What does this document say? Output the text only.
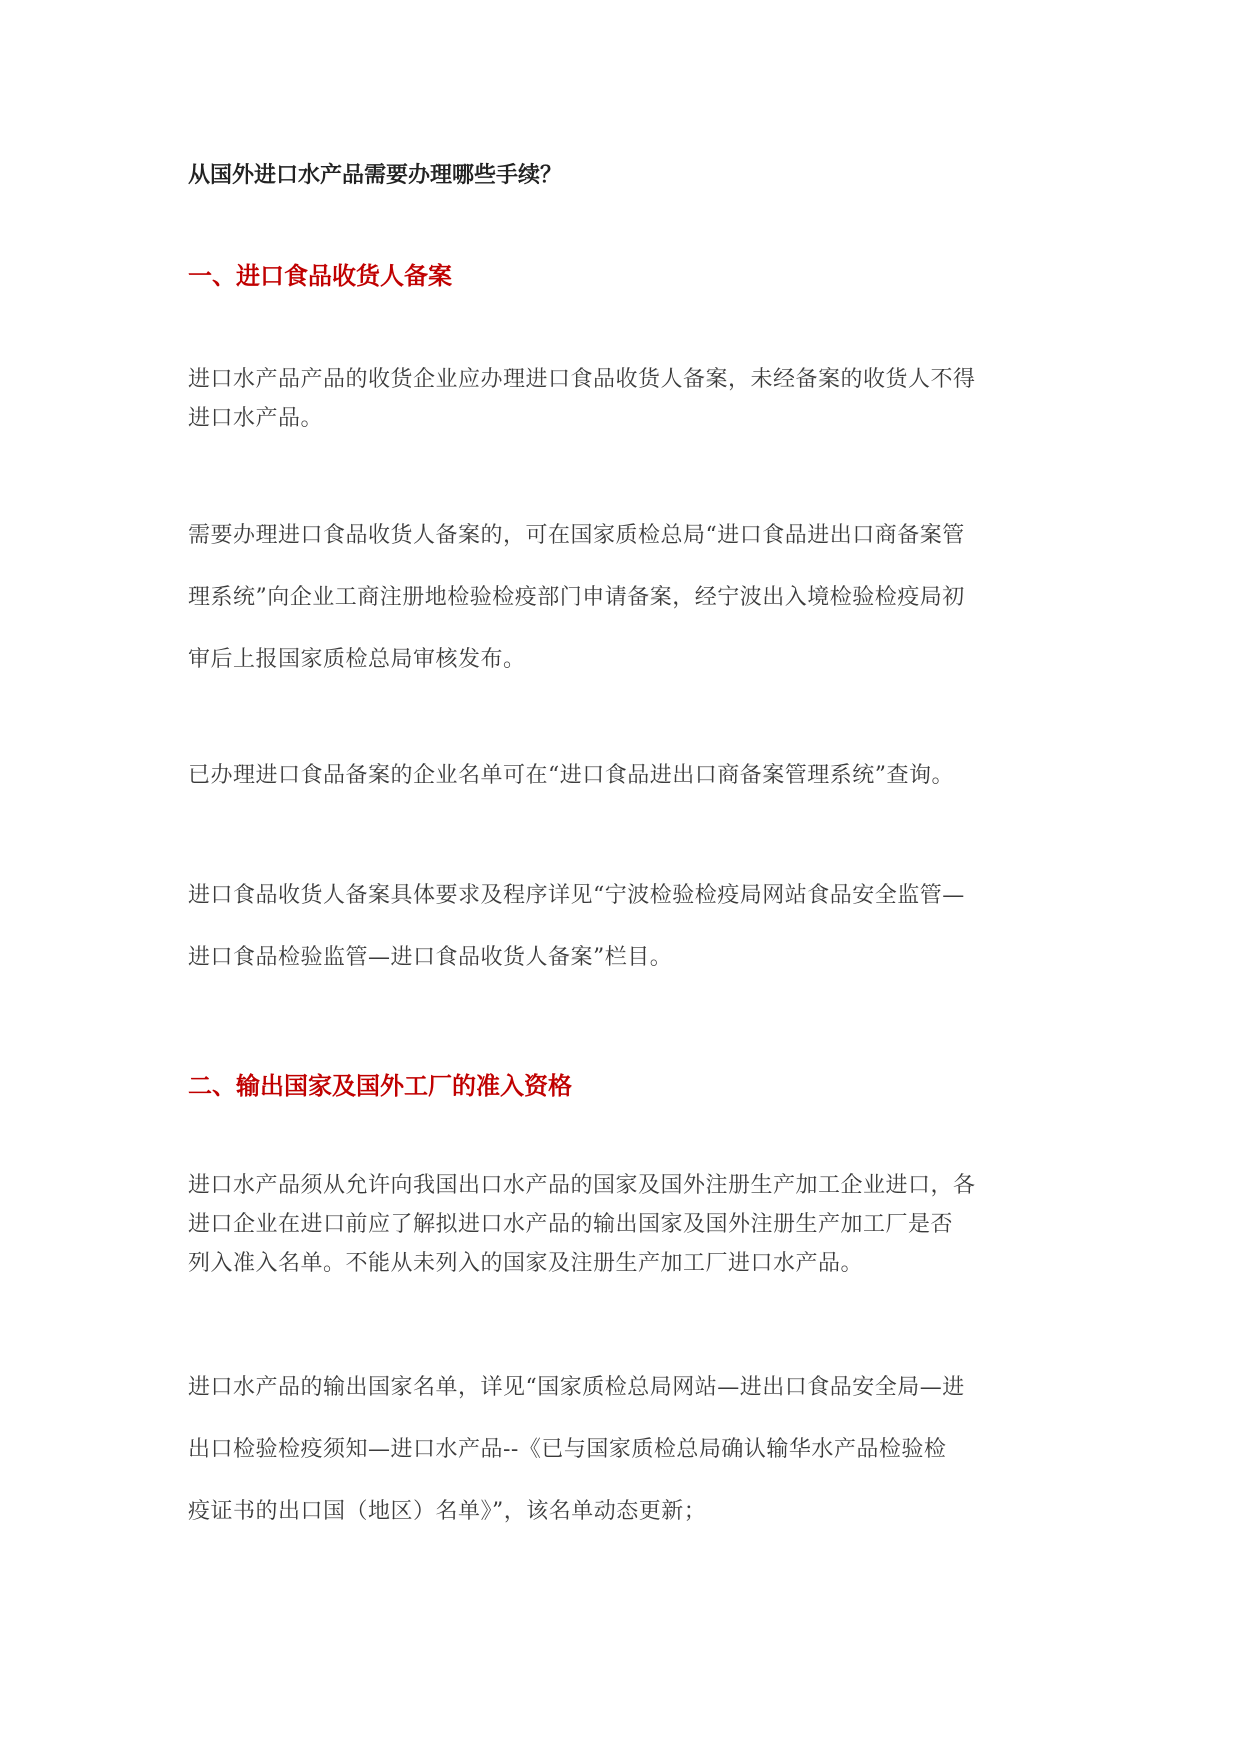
从国外进口水产品需要办理哪些手续？
一、进口食品收货人备案

进口水产品产品的收货企业应办理进口食品收货人备案，未经备案的收货人不得
进口水产品。

需要办理进口食品收货人备案的，可在国家质检总局“进口食品进出口商备案管
理系统”向企业工商注册地检验检疫部门申请备案，经宁波出入境检验检疫局初
审后上报国家质检总局审核发布。

已办理进口食品备案的企业名单可在“进口食品进出口商备案管理系统”查询。

进口食品收货人备案具体要求及程序详见“宁波检验检疫局网站食品安全监管—
进口食品检验监管—进口食品收货人备案”栏目。

二、输出国家及国外工厂的准入资格

进口水产品须从允许向我国出口水产品的国家及国外注册生产加工企业进口，各
进口企业在进口前应了解拟进口水产品的输出国家及国外注册生产加工厂是否
列入准入名单。不能从未列入的国家及注册生产加工厂进口水产品。

进口水产品的输出国家名单，详见“国家质检总局网站—进出口食品安全局—进
出口检验检疫须知—进口水产品--《已与国家质检总局确认输华水产品检验检
疫证书的出口国（地区）名单》”，该名单动态更新；
